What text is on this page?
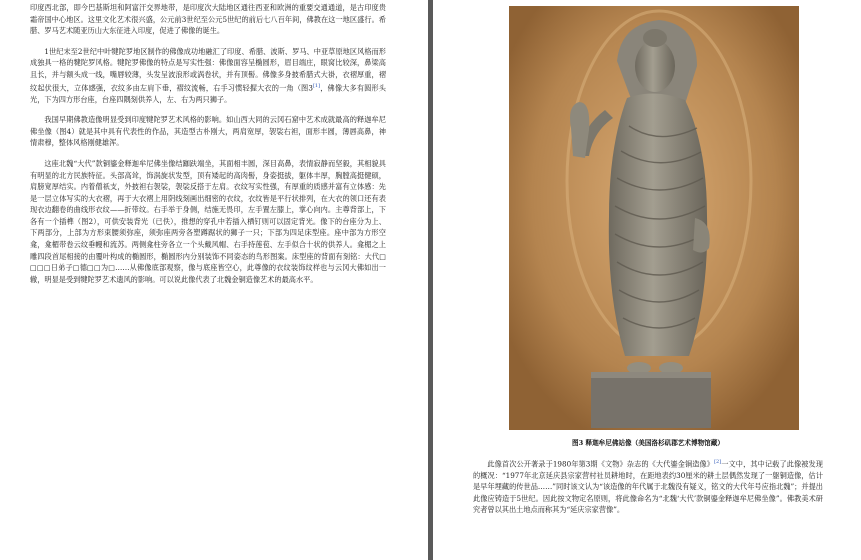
印度西北部，即今巴基斯坦和阿富汗交界地带，是印度次大陆地区通往西亚和欧洲的重要交通通道，是古印度贵霜帝国中心地区。这里文化艺术很兴盛，公元前3世纪至公元5世纪的前后七八百年间，佛教在这一地区盛行。希腊、罗马艺术随亚历山大东征进入印度，促进了佛像的诞生。

1世纪末至2世纪中叶犍陀罗地区制作的佛像成功地融汇了印度、希腊、波斯、罗马、中亚草原地区风格而形成独具一格的犍陀罗风格。犍陀罗佛像的特点是写实性强：佛像面容呈椭圆形，眉目端庄，眼窝比较深，鼻梁高且长，并与额头成一线，嘴唇较薄，头发呈波浪形或涡卷状，并有顶髻。佛像多身披希腊式大褂，衣褶厚重，褶纹起伏很大，立体感强，衣纹多由左肩下垂，褶纹流畅，右手习惯轻握大衣的一角（图3[1]，佛像大多有圆形头光，下为四方形台座，台座四隅刻供养人，左、右为两只狮子。

我国早期佛教造像明显受到印度犍陀罗艺术风格的影响。如山西大同的云冈石窟中艺术成就最高的释迦牟尼佛坐像（图4）就是其中具有代表性的作品，其造型古朴刚大，两肩宽厚，袈裟右袒，面形丰圆，薄唇高鼻，神情肃穆，整体风格刚健雄浑。

这座北魏“大代”款铜鎏金释迦牟尼佛坐像结跏趺端坐，其面相丰圆，深目高鼻，表情寂静而坚毅，其相貌具有明显的北方民族特征。头部高耸，饰涡旋状发型，顶有矮起的高肉髻，身姿挺拔，躯体丰厚，胸膛高挺健硕，肩膀宽厚结实。内着僧祇支，外披袒右袈裟，袈裟反搭于左肩。衣纹写实性强，有厚重的质感并富有立体感：先是一层立体写实的大衣褶，再于大衣褶上用阴线刻画出细密的衣纹，衣纹皆是平行状排列，在大衣的领口还有表现衣边翻卷的曲线形衣纹——折带纹。右手举于身侧，结施无畏印，左手置左膝上，掌心向内。主尊背部上，下各有一个插榫（图2），可供安装背光（已佚），推想的穿孔中若插入栖钉则可以固定背光。像下的台座分为上、下两部分，上部为方形束腰须弥座，须弥座两旁各塑蹲踞状的狮子一只；下部为四足床型座。座中部为方形空龛，龛楣带卷云纹垂幔和流苏。两侧龛柱旁各立一个头戴风帽、右手持莲苞、左手似合十状的供养人。龛楣之上雕四段首尾相接的由覆叶构成的椭圆形，椭圆形内分别装饰不同姿态的鸟形图案。床型座的背面有刻铭：大代□□□□日弟子□德□□为□……从佛像底部观察，像与底座皆空心，此尊像的衣纹装饰纹样也与云冈大佛如出一辙，明显是受到犍陀罗艺术遗风的影响。可以说此像代表了北魏金铜造像艺术的最高水平。

图3 释迦牟尼佛站像（美国洛杉矶郡艺术博物馆藏）

此像首次公开著录于1980年第3期《文物》杂志的《大代鎏金铜造像》[2]一文中，其中记载了此像被发现的概况：“1977年北京延庆县宗家营村社员耕地时，在距地表约30厘米的耕土层偶然发现了一躯铜造像，估计是早年埋藏的传世品……”同时该文认为“该造像的年代属于北魏没有疑义，铭文的大代年号应指北魏”；并提出此像应铸造于5世纪。因此按文物定名原则，将此像命名为“北魏‘大代’款铜鎏金释迦牟尼佛坐像”。佛教美术研究者曾以其出土地点而称其为“延庆宗家营像”。
